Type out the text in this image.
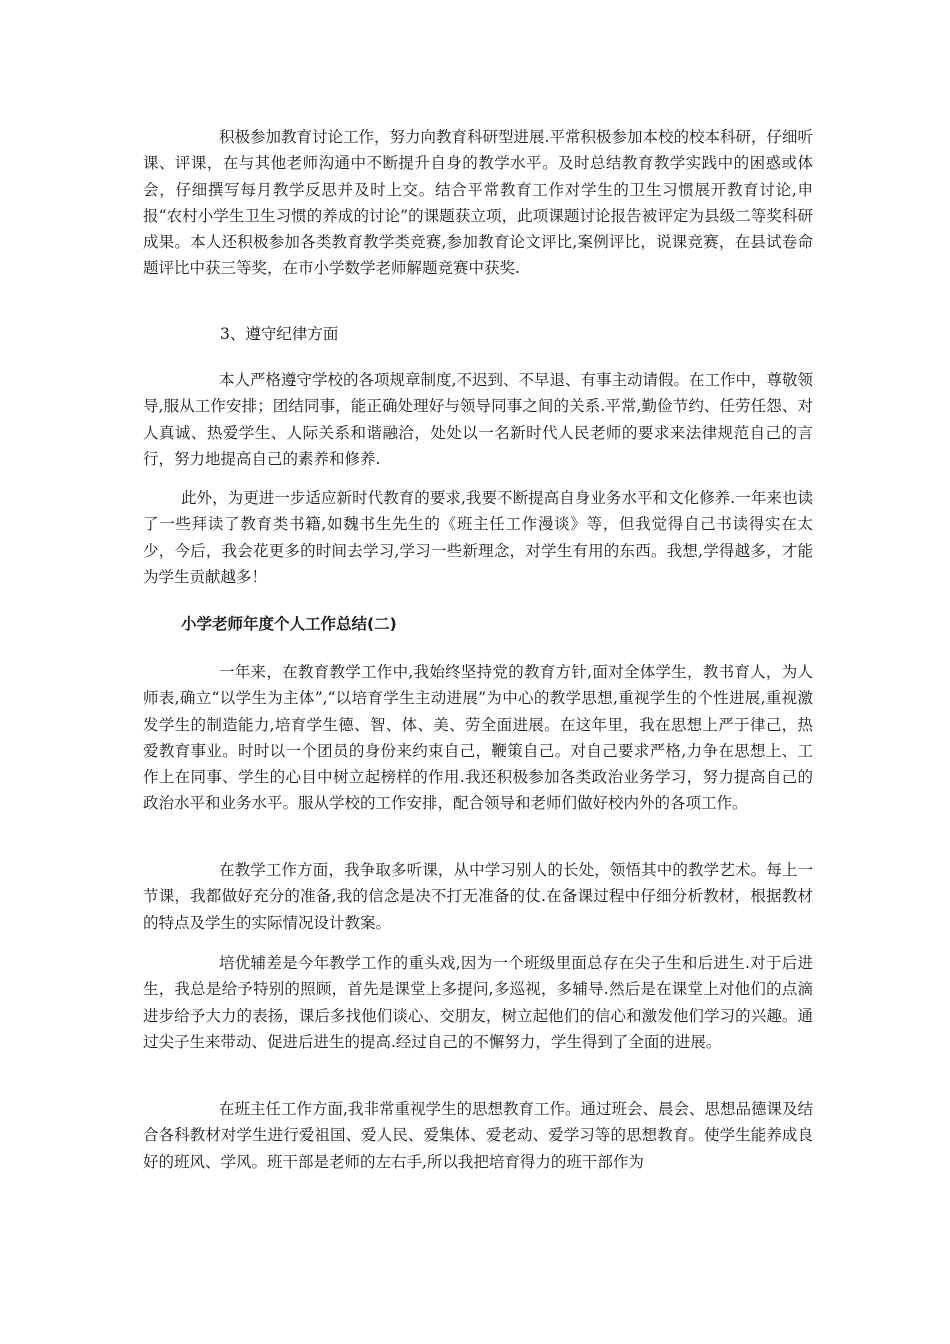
积极参加教育讨论工作，努力向教育科研型进展.平常积极参加本校的校本科研，仔细听课、评课，在与其他老师沟通中不断提升自身的教学水平。及时总结教育教学实践中的困惑或体会，仔细撰写每月教学反思并及时上交。结合平常教育工作对学生的卫生习惯展开教育讨论,申报“农村小学生卫生习惯的养成的讨论”的课题获立项，此项课题讨论报告被评定为县级二等奖科研成果。本人还积极参加各类教育教学类竞赛,参加教育论文评比,案例评比，说课竞赛，在县试卷命题评比中获三等奖，在市小学数学老师解题竞赛中获奖.

3、遵守纪律方面

本人严格遵守学校的各项规章制度,不迟到、不早退、有事主动请假。在工作中，尊敬领导,服从工作安排；团结同事，能正确处理好与领导同事之间的关系.平常,勤俭节约、任劳任怨、对人真诚、热爱学生、人际关系和谐融洽，处处以一名新时代人民老师的要求来法律规范自己的言行，努力地提高自己的素养和修养.

此外，为更进一步适应新时代教育的要求,我要不断提高自身业务水平和文化修养.一年来也读了一些拜读了教育类书籍,如魏书生先生的《班主任工作漫谈》等，但我觉得自己书读得实在太少，今后，我会花更多的时间去学习,学习一些新理念，对学生有用的东西。我想,学得越多，才能为学生贡献越多！

小学老师年度个人工作总结(二)

一年来，在教育教学工作中,我始终坚持党的教育方针,面对全体学生，教书育人，为人师表,确立“以学生为主体”,“以培育学生主动进展”为中心的教学思想,重视学生的个性进展,重视激发学生的制造能力,培育学生德、智、体、美、劳全面进展。在这年里，我在思想上严于律己，热爱教育事业。时时以一个团员的身份来约束自己，鞭策自己。对自己要求严格,力争在思想上、工作上在同事、学生的心目中树立起榜样的作用.我还积极参加各类政治业务学习，努力提高自己的政治水平和业务水平。服从学校的工作安排，配合领导和老师们做好校内外的各项工作。

在教学工作方面，我争取多听课，从中学习别人的长处，领悟其中的教学艺术。每上一节课，我都做好充分的准备,我的信念是决不打无准备的仗.在备课过程中仔细分析教材，根据教材的特点及学生的实际情况设计教案。

培优辅差是今年教学工作的重头戏,因为一个班级里面总存在尖子生和后进生.对于后进生，我总是给予特别的照顾，首先是课堂上多提问,多巡视，多辅导.然后是在课堂上对他们的点滴进步给予大力的表扬，课后多找他们谈心、交朋友，树立起他们的信心和激发他们学习的兴趣。通过尖子生来带动、促进后进生的提高.经过自己的不懈努力，学生得到了全面的进展。

在班主任工作方面,我非常重视学生的思想教育工作。通过班会、晨会、思想品德课及结合各科教材对学生进行爱祖国、爱人民、爱集体、爱老动、爱学习等的思想教育。使学生能养成良好的班风、学风。班干部是老师的左右手,所以我把培育得力的班干部作为
